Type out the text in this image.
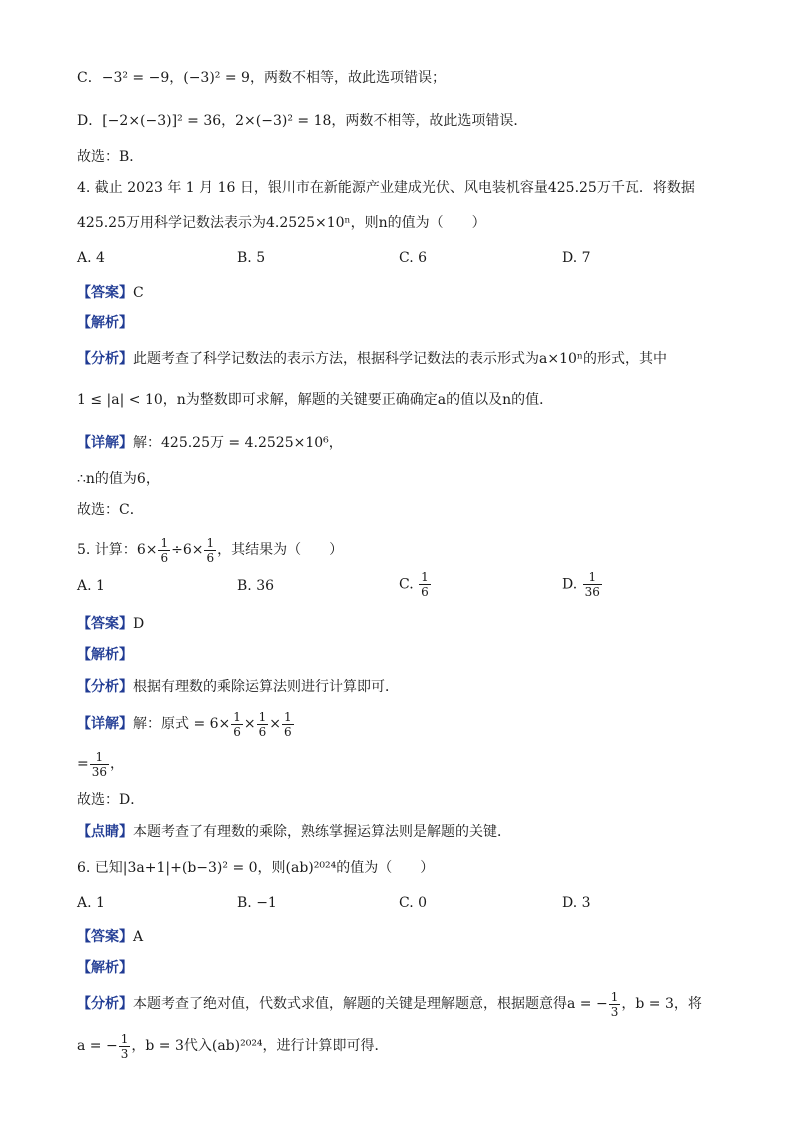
C．−3² = −9，(−3)² = 9，两数不相等，故此选项错误；
D．[−2×(−3)]² = 36，2×(−3)² = 18，两数不相等，故此选项错误．
故选：B．
4. 截止 2023 年 1 月 16 日，银川市在新能源产业建成光伏、风电装机容量425.25万千瓦．将数据
425.25万用科学记数法表示为4.2525×10ⁿ，则n的值为（　　）
A. 4	B. 5	C. 6	D. 7
【答案】C
【解析】
【分析】此题考查了科学记数法的表示方法，根据科学记数法的表示形式为a×10ⁿ的形式，其中
1 ≤ |a| < 10，n为整数即可求解，解题的关键要正确确定a的值以及n的值．
【详解】解：425.25万 = 4.2525×10⁶，
∴n的值为6，
故选：C．
5. 计算：$6\times \frac{1}{6} \div 6\times \frac{1}{6}$ ，其结果为（　　）
A. 1	B. 36	C. $\frac{1}{6}$	D. $\frac{1}{36}$
【答案】D
【解析】
【分析】根据有理数的乘除运算法则进行计算即可．
【详解】解：原式 = $6\times \frac{1}{6} \times \frac{1}{6} \times \frac{1}{6}$
= $\frac{1}{36}$ ，
故选：D．
【点睛】本题考查了有理数的乘除，熟练掌握运算法则是解题的关键．
6. 已知|3a+1|+(b−3)² = 0，则(ab)²⁰²⁴的值为（　　）
A. 1	B. −1	C. 0	D. 3
【答案】A
【解析】
【分析】本题考查了绝对值，代数式求值，解题的关键是理解题意，根据题意得a = − $\frac{1}{3}$ ，b = 3，将
a = − $\frac{1}{3}$ ，b = 3代入(ab)²⁰²⁴，进行计算即可得．
